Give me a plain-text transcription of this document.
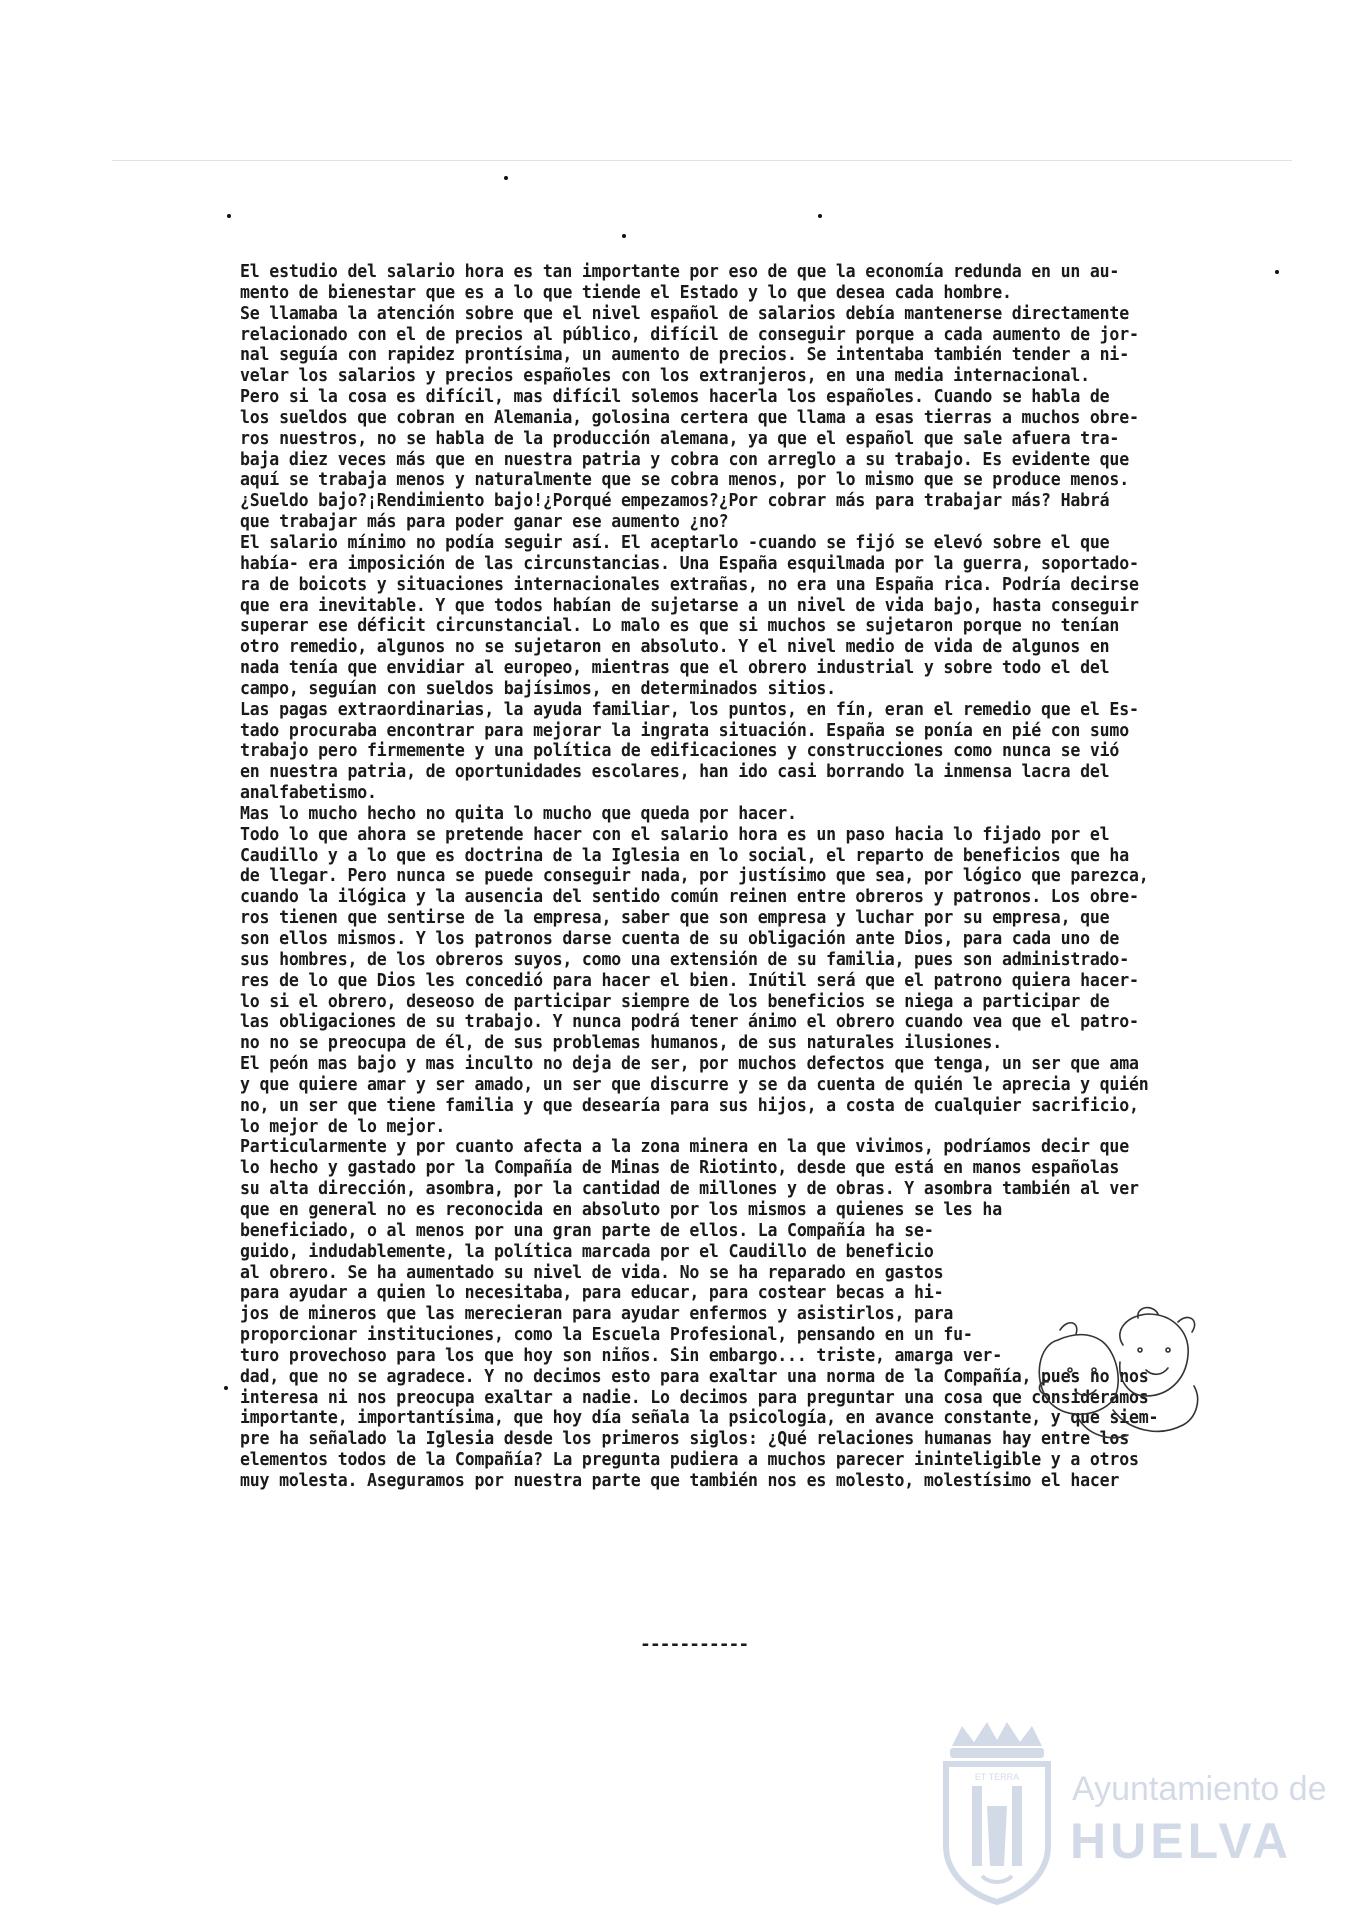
El estudio del salario hora es tan importante por eso de que la economía redunda en un au-
mento de bienestar que es a lo que tiende el Estado y lo que desea cada hombre.
Se llamaba la atención sobre que el nivel español de salarios debía mantenerse directamente
relacionado con el de precios al público, difícil de conseguir porque a cada aumento de jor-
nal seguía con rapidez prontísima, un aumento de precios. Se intentaba también tender a ni-
velar los salarios y precios españoles con los extranjeros, en una media internacional.
Pero si la cosa es difícil, mas difícil solemos hacerla los españoles. Cuando se habla de
los sueldos que cobran en Alemania, golosina certera que llama a esas tierras a muchos obre-
ros nuestros, no se habla de la producción alemana, ya que el español que sale afuera tra-
baja diez veces más que en nuestra patria y cobra con arreglo a su trabajo. Es evidente que
aquí se trabaja menos y naturalmente que se cobra menos, por lo mismo que se produce menos.
¿Sueldo bajo?¡Rendimiento bajo!¿Porqué empezamos?¿Por cobrar más para trabajar más? Habrá
que trabajar más para poder ganar ese aumento ¿no?
El salario mínimo no podía seguir así. El aceptarlo -cuando se fijó se elevó sobre el que
había- era imposición de las circunstancias. Una España esquilmada por la guerra, soportado-
ra de boicots y situaciones internacionales extrañas, no era una España rica. Podría decirse
que era inevitable. Y que todos habían de sujetarse a un nivel de vida bajo, hasta conseguir
superar ese déficit circunstancial. Lo malo es que si muchos se sujetaron porque no tenían
otro remedio, algunos no se sujetaron en absoluto. Y el nivel medio de vida de algunos en
nada tenía que envidiar al europeo, mientras que el obrero industrial y sobre todo el del
campo, seguían con sueldos bajísimos, en determinados sitios.
Las pagas extraordinarias, la ayuda familiar, los puntos, en fín, eran el remedio que el Es-
tado procuraba encontrar para mejorar la ingrata situación. España se ponía en pié con sumo
trabajo pero firmemente y una política de edificaciones y construcciones como nunca se vió
en nuestra patria, de oportunidades escolares, han ido casi borrando la inmensa lacra del
analfabetismo.
Mas lo mucho hecho no quita lo mucho que queda por hacer.
Todo lo que ahora se pretende hacer con el salario hora es un paso hacia lo fijado por el
Caudillo y a lo que es doctrina de la Iglesia en lo social, el reparto de beneficios que ha
de llegar. Pero nunca se puede conseguir nada, por justísimo que sea, por lógico que parezca,
cuando la ilógica y la ausencia del sentido común reinen entre obreros y patronos. Los obre-
ros tienen que sentirse de la empresa, saber que son empresa y luchar por su empresa, que
son ellos mismos. Y los patronos darse cuenta de su obligación ante Dios, para cada uno de
sus hombres, de los obreros suyos, como una extensión de su familia, pues son administrado-
res de lo que Dios les concedió para hacer el bien. Inútil será que el patrono quiera hacer-
lo si el obrero, deseoso de participar siempre de los beneficios se niega a participar de
las obligaciones de su trabajo. Y nunca podrá tener ánimo el obrero cuando vea que el patro-
no no se preocupa de él, de sus problemas humanos, de sus naturales ilusiones.
El peón mas bajo y mas inculto no deja de ser, por muchos defectos que tenga, un ser que ama
y que quiere amar y ser amado, un ser que discurre y se da cuenta de quién le aprecia y quién
no, un ser que tiene familia y que desearía para sus hijos, a costa de cualquier sacrificio,
lo mejor de lo mejor.
Particularmente y por cuanto afecta a la zona minera en la que vivimos, podríamos decir que
lo hecho y gastado por la Compañía de Minas de Riotinto, desde que está en manos españolas
su alta dirección, asombra, por la cantidad de millones y de obras. Y asombra también al ver
que en general no es reconocida en absoluto por los mismos a quienes se les ha
beneficiado, o al menos por una gran parte de ellos. La Compañía ha se-
guido, indudablemente, la política marcada por el Caudillo de beneficio
al obrero. Se ha aumentado su nivel de vida. No se ha reparado en gastos
para ayudar a quien lo necesitaba, para educar, para costear becas a hi-
jos de mineros que las merecieran para ayudar enfermos y asistirlos, para
proporcionar instituciones, como la Escuela Profesional, pensando en un fu-
turo provechoso para los que hoy son niños. Sin embargo... triste, amarga ver-
dad, que no se agradece. Y no decimos esto para exaltar una norma de la Compañía, pues no nos
interesa ni nos preocupa exaltar a nadie. Lo decimos para preguntar una cosa que consideramos
importante, importantísima, que hoy día señala la psicología, en avance constante, y que siem-
pre ha señalado la Iglesia desde los primeros siglos: ¿Qué relaciones humanas hay entre los
elementos todos de la Compañía? La pregunta pudiera a muchos parecer ininteligible y a otros
muy molesta. Aseguramos por nuestra parte que también nos es molesto, molestísimo el hacer
-----------
ET TERRA Ayuntamiento de
HUELVA
